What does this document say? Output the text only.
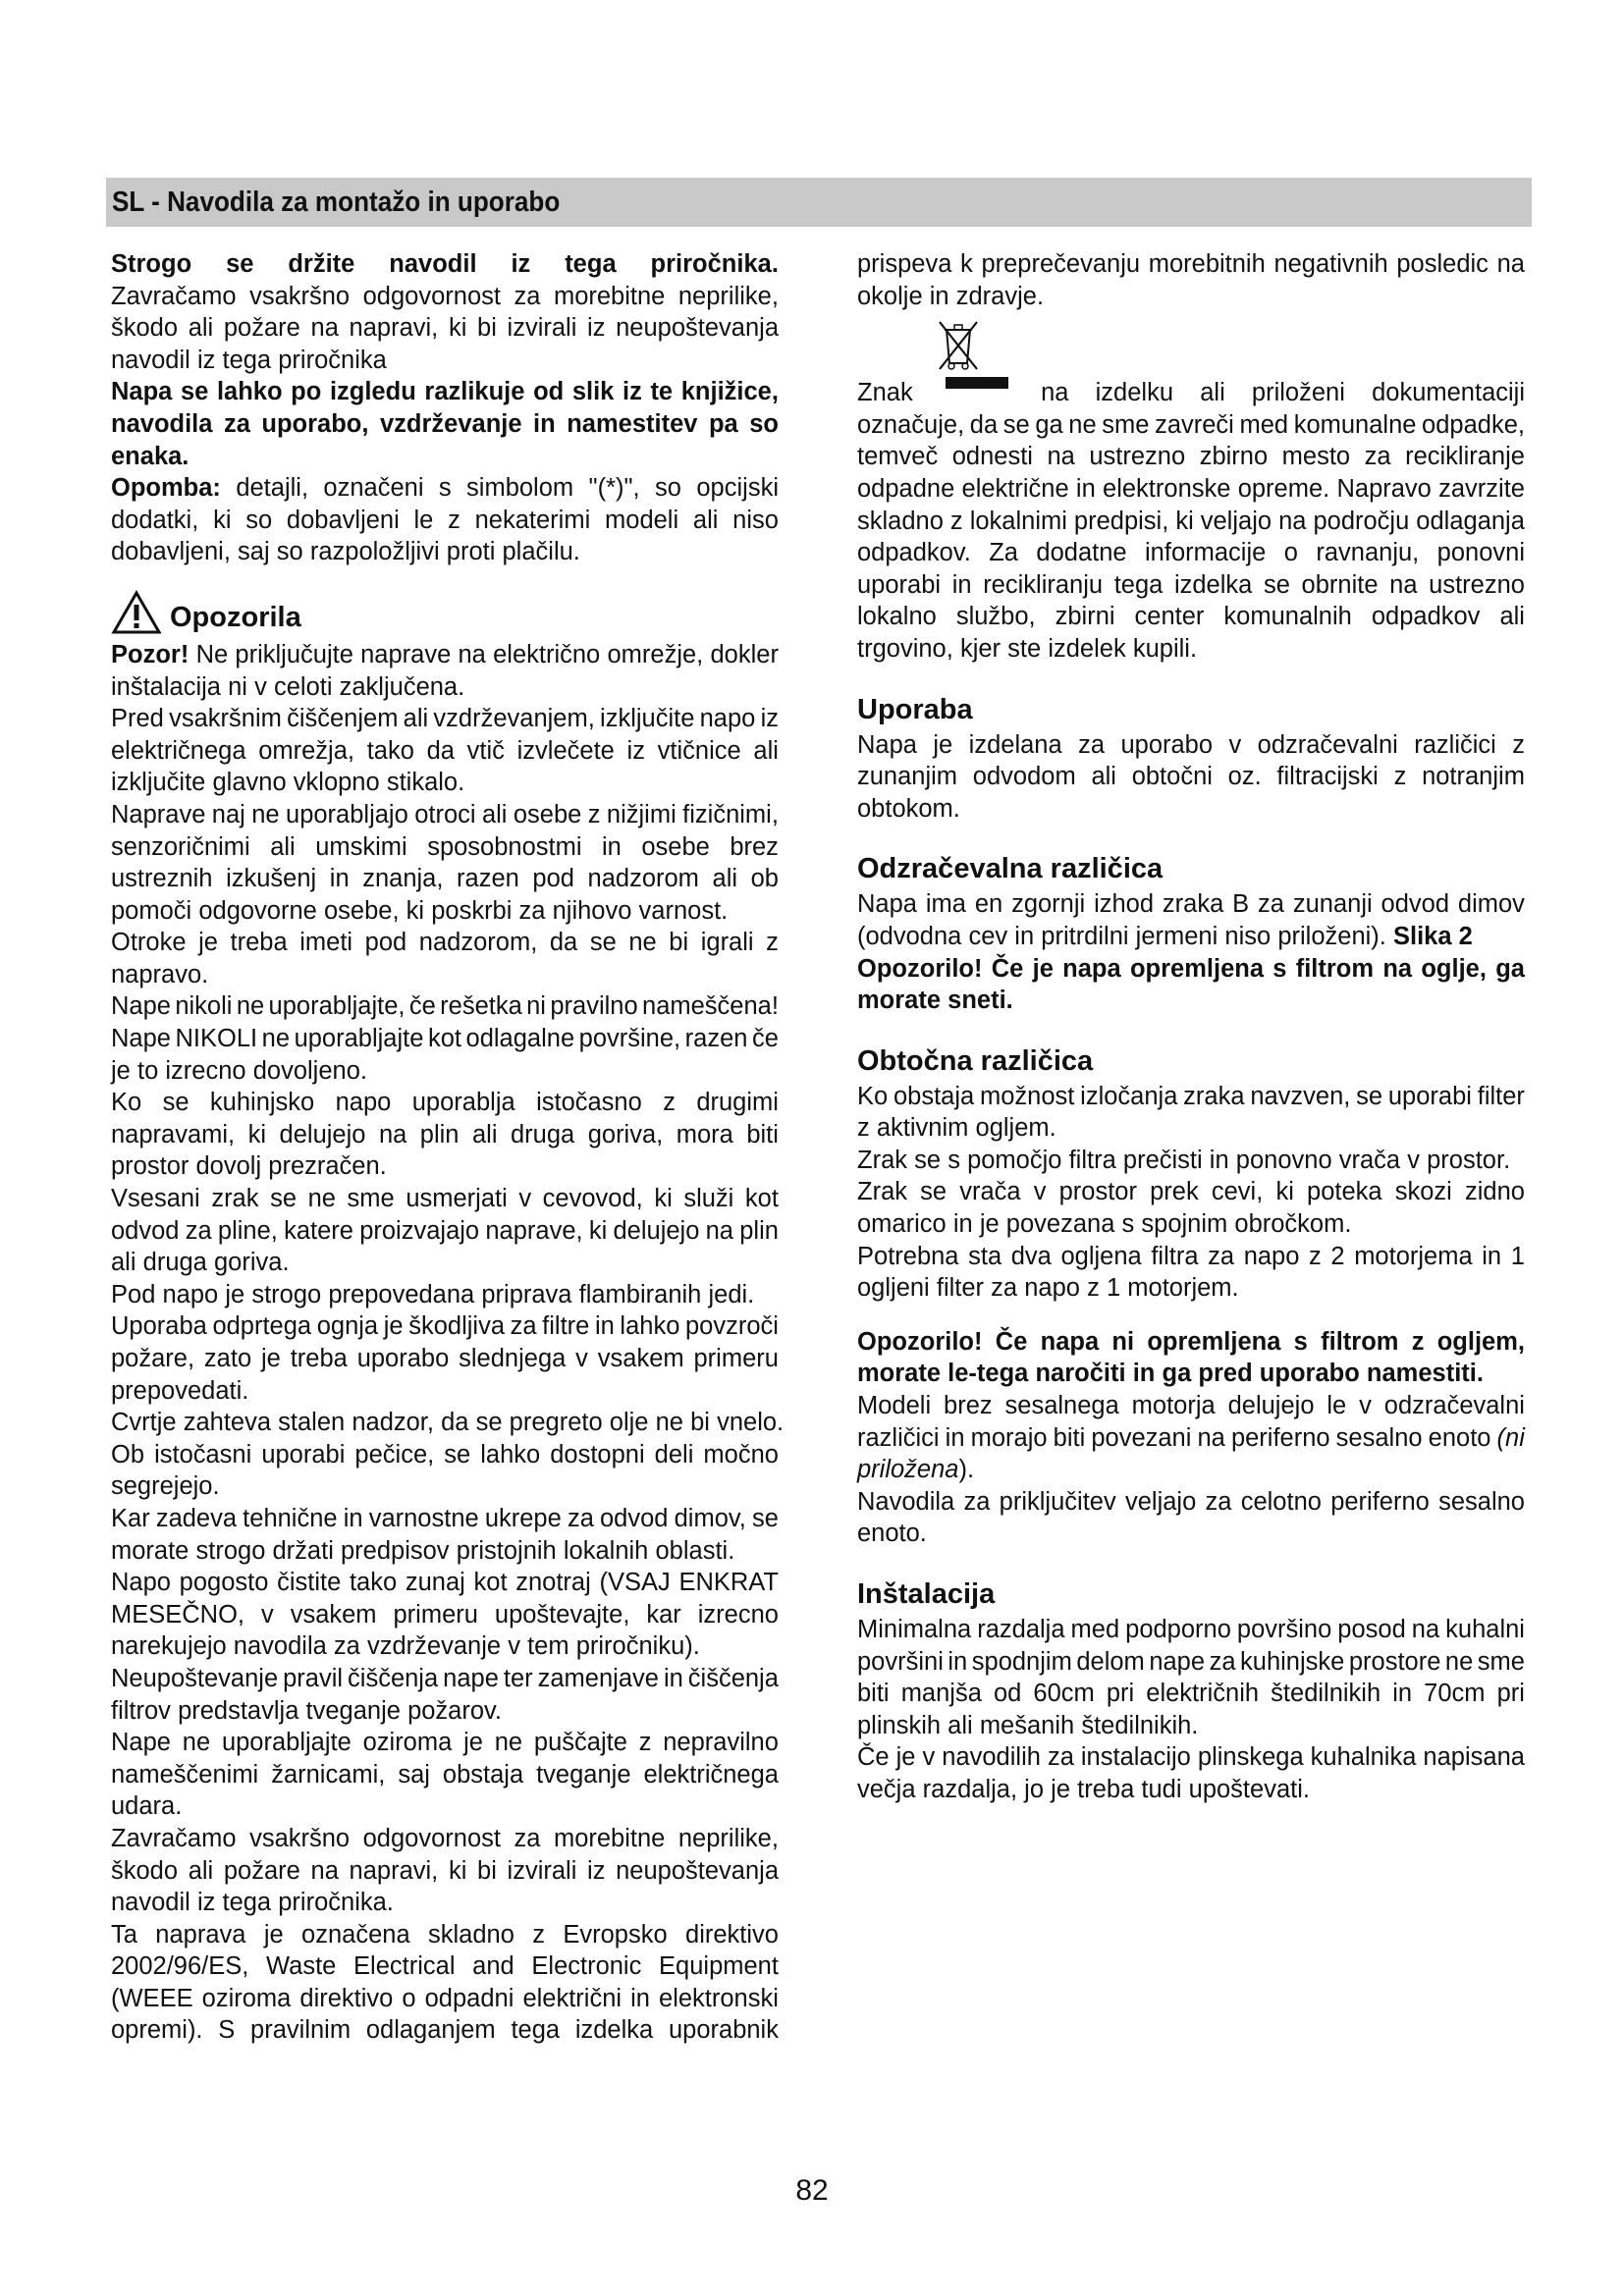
SL - Navodila za montažo in uporabo
Strogo se držite navodil iz tega priročnika.
Zavračamo vsakršno odgovornost za morebitne neprilike,
škodo ali požare na napravi, ki bi izvirali iz neupoštevanja
navodil iz tega priročnika
Napa se lahko po izgledu razlikuje od slik iz te knjižice,
navodila za uporabo, vzdrževanje in namestitev pa so
enaka.
Opomba: detajli, označeni s simbolom "(*)", so opcijski
dodatki, ki so dobavljeni le z nekaterimi modeli ali niso
dobavljeni, saj so razpoložljivi proti plačilu.
Opozorila
Pozor! Ne priključujte naprave na električno omrežje, dokler
inštalacija ni v celoti zaključena.
Pred vsakršnim čiščenjem ali vzdrževanjem, izključite napo iz
električnega omrežja, tako da vtič izvlečete iz vtičnice ali
izključite glavno vklopno stikalo.
Naprave naj ne uporabljajo otroci ali osebe z nižjimi fizičnimi,
senzoričnimi ali umskimi sposobnostmi in osebe brez
ustreznih izkušenj in znanja, razen pod nadzorom ali ob
pomoči odgovorne osebe, ki poskrbi za njihovo varnost.
Otroke je treba imeti pod nadzorom, da se ne bi igrali z
napravo.
Nape nikoli ne uporabljajte, če rešetka ni pravilno nameščena!
Nape NIKOLI ne uporabljajte kot odlagalne površine, razen če
je to izrecno dovoljeno.
Ko se kuhinjsko napo uporablja istočasno z drugimi
napravami, ki delujejo na plin ali druga goriva, mora biti
prostor dovolj prezračen.
Vsesani zrak se ne sme usmerjati v cevovod, ki služi kot
odvod za pline, katere proizvajajo naprave, ki delujejo na plin
ali druga goriva.
Pod napo je strogo prepovedana priprava flambiranih jedi.
Uporaba odprtega ognja je škodljiva za filtre in lahko povzroči
požare, zato je treba uporabo slednjega v vsakem primeru
prepovedati.
Cvrtje zahteva stalen nadzor, da se pregreto olje ne bi vnelo.
Ob istočasni uporabi pečice, se lahko dostopni deli močno
segrejejo.
Kar zadeva tehnične in varnostne ukrepe za odvod dimov, se
morate strogo držati predpisov pristojnih lokalnih oblasti.
Napo pogosto čistite tako zunaj kot znotraj (VSAJ ENKRAT
MESEČNO, v vsakem primeru upoštevajte, kar izrecno
narekujejo navodila za vzdrževanje v tem priročniku).
Neupoštevanje pravil čiščenja nape ter zamenjave in čiščenja
filtrov predstavlja tveganje požarov.
Nape ne uporabljajte oziroma je ne puščajte z nepravilno
nameščenimi žarnicami, saj obstaja tveganje električnega
udara.
Zavračamo vsakršno odgovornost za morebitne neprilike,
škodo ali požare na napravi, ki bi izvirali iz neupoštevanja
navodil iz tega priročnika.
Ta naprava je označena skladno z Evropsko direktivo
2002/96/ES, Waste Electrical and Electronic Equipment
(WEEE oziroma direktivo o odpadni električni in elektronski
opremi). S pravilnim odlaganjem tega izdelka uporabnik
prispeva k preprečevanju morebitnih negativnih posledic na
okolje in zdravje.
Znak	na izdelku ali priloženi dokumentaciji
označuje, da se ga ne sme zavreči med komunalne odpadke,
temveč odnesti na ustrezno zbirno mesto za recikliranje
odpadne električne in elektronske opreme. Napravo zavrzite
skladno z lokalnimi predpisi, ki veljajo na področju odlaganja
odpadkov. Za dodatne informacije o ravnanju, ponovni
uporabi in recikliranju tega izdelka se obrnite na ustrezno
lokalno službo, zbirni center komunalnih odpadkov ali
trgovino, kjer ste izdelek kupili.
Uporaba
Napa je izdelana za uporabo v odzračevalni različici z
zunanjim odvodom ali obtočni oz. filtracijski z notranjim
obtokom.
Odzračevalna različica
Napa ima en zgornji izhod zraka B za zunanji odvod dimov
(odvodna cev in pritrdilni jermeni niso priloženi). Slika 2
Opozorilo! Če je napa opremljena s filtrom na oglje, ga
morate sneti.
Obtočna različica
Ko obstaja možnost izločanja zraka navzven, se uporabi filter
z aktivnim ogljem.
Zrak se s pomočjo filtra prečisti in ponovno vrača v prostor.
Zrak se vrača v prostor prek cevi, ki poteka skozi zidno
omarico in je povezana s spojnim obročkom.
Potrebna sta dva ogljena filtra za napo z 2 motorjema in 1
ogljeni filter za napo z 1 motorjem.
Opozorilo! Če napa ni opremljena s filtrom z ogljem,
morate le-tega naročiti in ga pred uporabo namestiti.
Modeli brez sesalnega motorja delujejo le v odzračevalni
različici in morajo biti povezani na periferno sesalno enoto (ni
priložena).
Navodila za priključitev veljajo za celotno periferno sesalno
enoto.
Inštalacija
Minimalna razdalja med podporno površino posod na kuhalni
površini in spodnjim delom nape za kuhinjske prostore ne sme
biti manjša od 60cm pri električnih štedilnikih in 70cm pri
plinskih ali mešanih štedilnikih.
Če je v navodilih za instalacijo plinskega kuhalnika napisana
večja razdalja, jo je treba tudi upoštevati.
82
